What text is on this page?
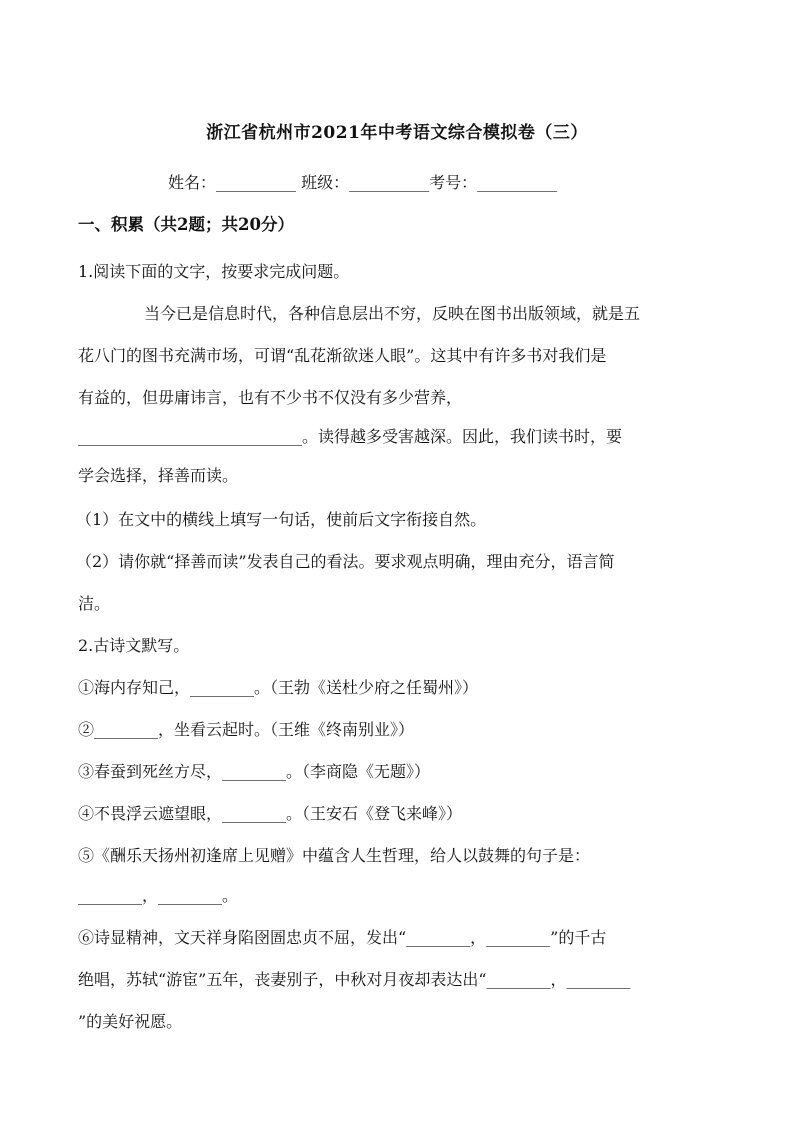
浙江省杭州市2021年中考语文综合模拟卷（三）
姓名：__________ 班级：__________考号：__________
一、积累（共2题；共20分）
1.阅读下面的文字，按要求完成问题。
当今已是信息时代，各种信息层出不穷，反映在图书出版领域，就是五
花八门的图书充满市场，可谓“乱花渐欲迷人眼”。这其中有许多书对我们是
有益的，但毋庸讳言，也有不少书不仅没有多少营养，
____________________________。读得越多受害越深。因此，我们读书时，要
学会选择，择善而读。
（1）在文中的横线上填写一句话，使前后文字衔接自然。
（2）请你就“择善而读”发表自己的看法。要求观点明确，理由充分，语言简
洁。
2.古诗文默写。
①海内存知己，________。（王勃《送杜少府之任蜀州》）
②________，坐看云起时。（王维《终南别业》）
③春蚕到死丝方尽，________。（李商隐《无题》）
④不畏浮云遮望眼，________。（王安石《登飞来峰》）
⑤《酬乐天扬州初逢席上见赠》中蕴含人生哲理，给人以鼓舞的句子是：
________，________。
⑥诗显精神，文天祥身陷囹圄忠贞不屈，发出“________，________”的千古
绝唱，苏轼“游宦”五年，丧妻别子，中秋对月夜却表达出“________，________
”的美好祝愿。
